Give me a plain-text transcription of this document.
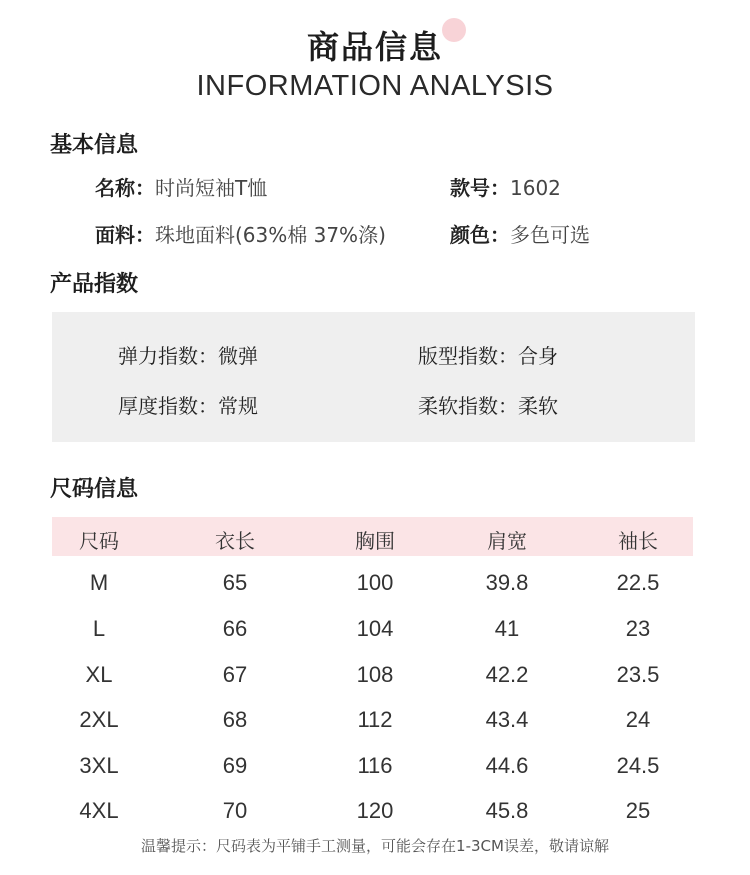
商品信息
INFORMATION ANALYSIS
基本信息
名称：时尚短袖T恤	款号：1602
面料：珠地面料(63%棉 37%涤)	颜色：多色可选
产品指数
弹力指数：微弹	版型指数：合身
厚度指数：常规	柔软指数：柔软
尺码信息
尺码	衣长	胸围	肩宽	袖长
M	65	100	39.8	22.5
L	66	104	41	23
XL	67	108	42.2	23.5
2XL	68	112	43.4	24
3XL	69	116	44.6	24.5
4XL	70	120	45.8	25
温馨提示：尺码表为平铺手工测量，可能会存在1-3CM误差，敬请谅解
